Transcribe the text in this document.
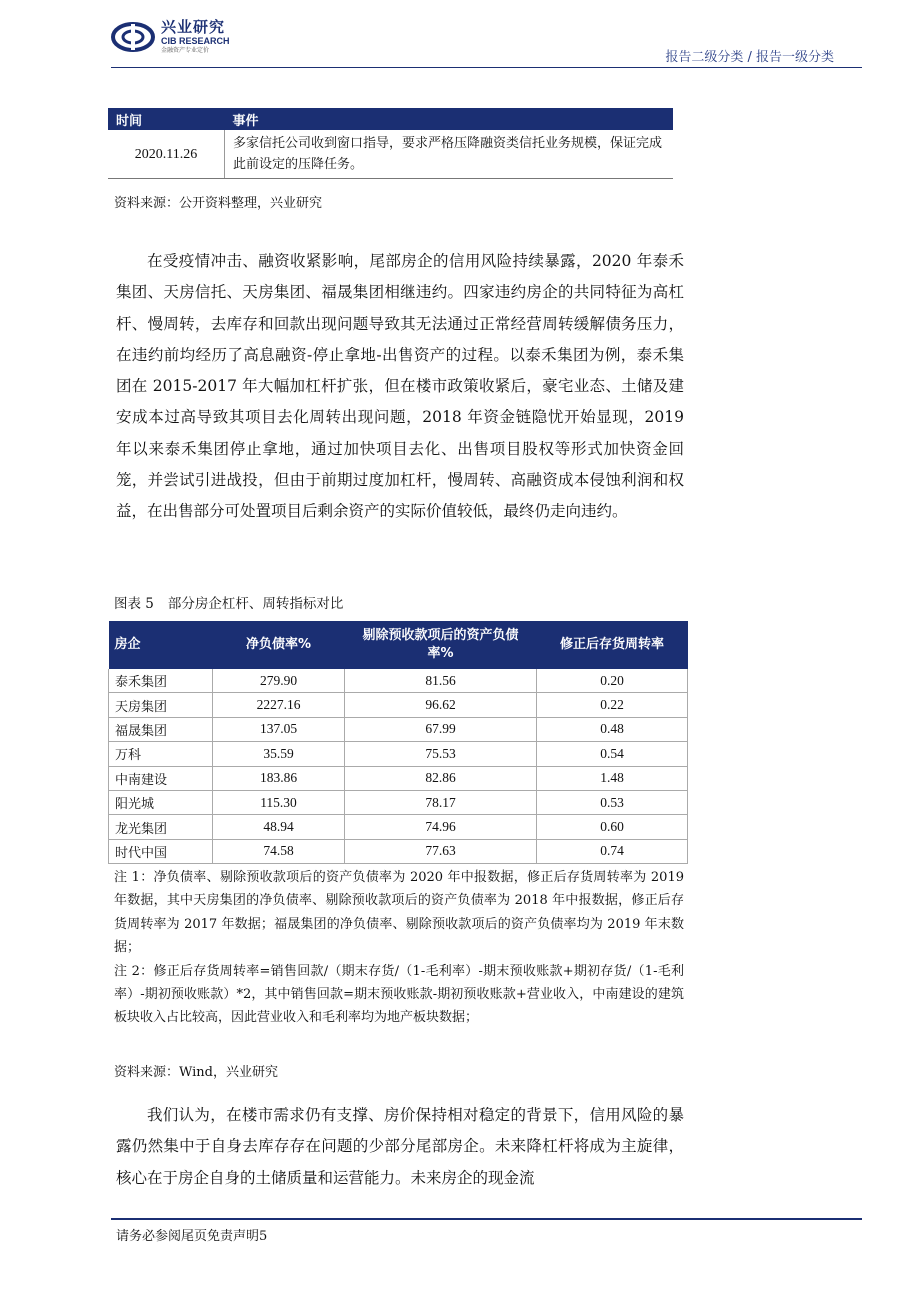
兴业研究
CIB RESEARCH
金融资产专业定价	报告二级分类 / 报告一级分类
时间	事件
2020.11.26	多家信托公司收到窗口指导，要求严格压降融资类信托业务规模，保证完成此前设定的压降任务。
资料来源：公开资料整理，兴业研究

在受疫情冲击、融资收紧影响，尾部房企的信用风险持续暴露，2020 年泰禾集团、天房信托、天房集团、福晟集团相继违约。四家违约房企的共同特征为高杠杆、慢周转，去库存和回款出现问题导致其无法通过正常经营周转缓解债务压力，在违约前均经历了高息融资-停止拿地-出售资产的过程。以泰禾集团为例，泰禾集团在 2015-2017 年大幅加杠杆扩张，但在楼市政策收紧后，豪宅业态、土储及建安成本过高导致其项目去化周转出现问题，2018 年资金链隐忧开始显现，2019 年以来泰禾集团停止拿地，通过加快项目去化、出售项目股权等形式加快资金回笼，并尝试引进战投，但由于前期过度加杠杆，慢周转、高融资成本侵蚀利润和权益，在出售部分可处置项目后剩余资产的实际价值较低，最终仍走向违约。

图表 5 部分房企杠杆、周转指标对比
房企	净负债率%	剔除预收款项后的资产负债率%	修正后存货周转率
泰禾集团	279.90	81.56	0.20
天房集团	2227.16	96.62	0.22
福晟集团	137.05	67.99	0.48
万科	35.59	75.53	0.54
中南建设	183.86	82.86	1.48
阳光城	115.30	78.17	0.53
龙光集团	48.94	74.96	0.60
时代中国	74.58	77.63	0.74
注 1：净负债率、剔除预收款项后的资产负债率为 2020 年中报数据，修正后存货周转率为 2019 年数据，其中天房集团的净负债率、剔除预收款项后的资产负债率为 2018 年中报数据，修正后存货周转率为 2017 年数据；福晟集团的净负债率、剔除预收款项后的资产负债率均为 2019 年末数据；
注 2：修正后存货周转率=销售回款/（期末存货/（1-毛利率）-期末预收账款+期初存货/（1-毛利率）-期初预收账款）*2，其中销售回款=期末预收账款-期初预收账款+营业收入，中南建设的建筑板块收入占比较高，因此营业收入和毛利率均为地产板块数据；
资料来源：Wind，兴业研究

我们认为，在楼市需求仍有支撑、房价保持相对稳定的背景下，信用风险的暴露仍然集中于自身去库存存在问题的少部分尾部房企。未来降杠杆将成为主旋律，核心在于房企自身的土储质量和运营能力。未来房企的现金流

请务必参阅尾页免责声明5
